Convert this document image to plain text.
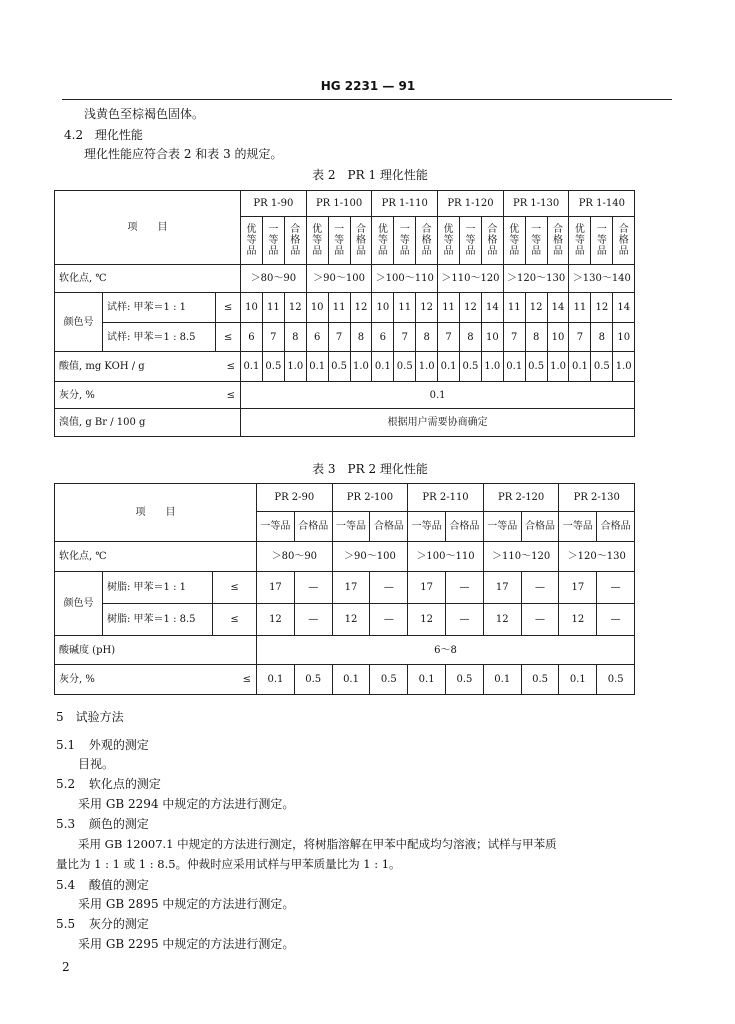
HG 2231 — 91
浅黄色至棕褐色固体。
4.2 理化性能
理化性能应符合表 2 和表 3 的规定。
表 2　PR 1 理化性能
项　　目			PR 1-90			PR 1-100			PR 1-110			PR 1-120			PR 1-130			PR 1-140		
			优等品	一等品	合格品	优等品	一等品	合格品	优等品	一等品	合格品	优等品	一等品	合格品	优等品	一等品	合格品	优等品	一等品	合格品
软化点, ℃			＞80～90			＞90～100			＞100～110			＞110～120			＞120～130			＞130～140		
颜色号	试样: 甲苯＝1 : 1	≤	10	11	12	10	11	12	10	11	12	11	12	14	11	12	14	11	12	14
	试样: 甲苯＝1 : 8.5	≤	6	7	8	6	7	8	6	7	8	7	8	10	7	8	10	7	8	10
酸值, mg KOH / g ≤			0.1	0.5	1.0	0.1	0.5	1.0	0.1	0.5	1.0	0.1	0.5	1.0	0.1	0.5	1.0	0.1	0.5	1.0
灰分, % ≤			0.1																	
溴值, g Br / 100 g			根据用户需要协商确定																	
表 3　PR 2 理化性能
项　　目			PR 2-90		PR 2-100		PR 2-110		PR 2-120		PR 2-130	
			一等品	合格品	一等品	合格品	一等品	合格品	一等品	合格品	一等品	合格品
软化点, ℃			＞80～90		＞90～100		＞100～110		＞110～120		＞120～130	
颜色号	树脂: 甲苯＝1 : 1	≤	17	—	17	—	17	—	17	—	17	—
	树脂: 甲苯＝1 : 8.5	≤	12	—	12	—	12	—	12	—	12	—
酸碱度 (pH)			6～8									
灰分, % ≤			0.1	0.5	0.1	0.5	0.1	0.5	0.1	0.5	0.1	0.5
5　试验方法
5.1 外观的测定
目视。
5.2 软化点的测定
采用 GB 2294 中规定的方法进行测定。
5.3 颜色的测定
采用 GB 12007.1 中规定的方法进行测定，将树脂溶解在甲苯中配成均匀溶液；试样与甲苯质
量比为 1 : 1 或 1 : 8.5。仲裁时应采用试样与甲苯质量比为 1 : 1。
5.4 酸值的测定
采用 GB 2895 中规定的方法进行测定。
5.5 灰分的测定
采用 GB 2295 中规定的方法进行测定。
2
